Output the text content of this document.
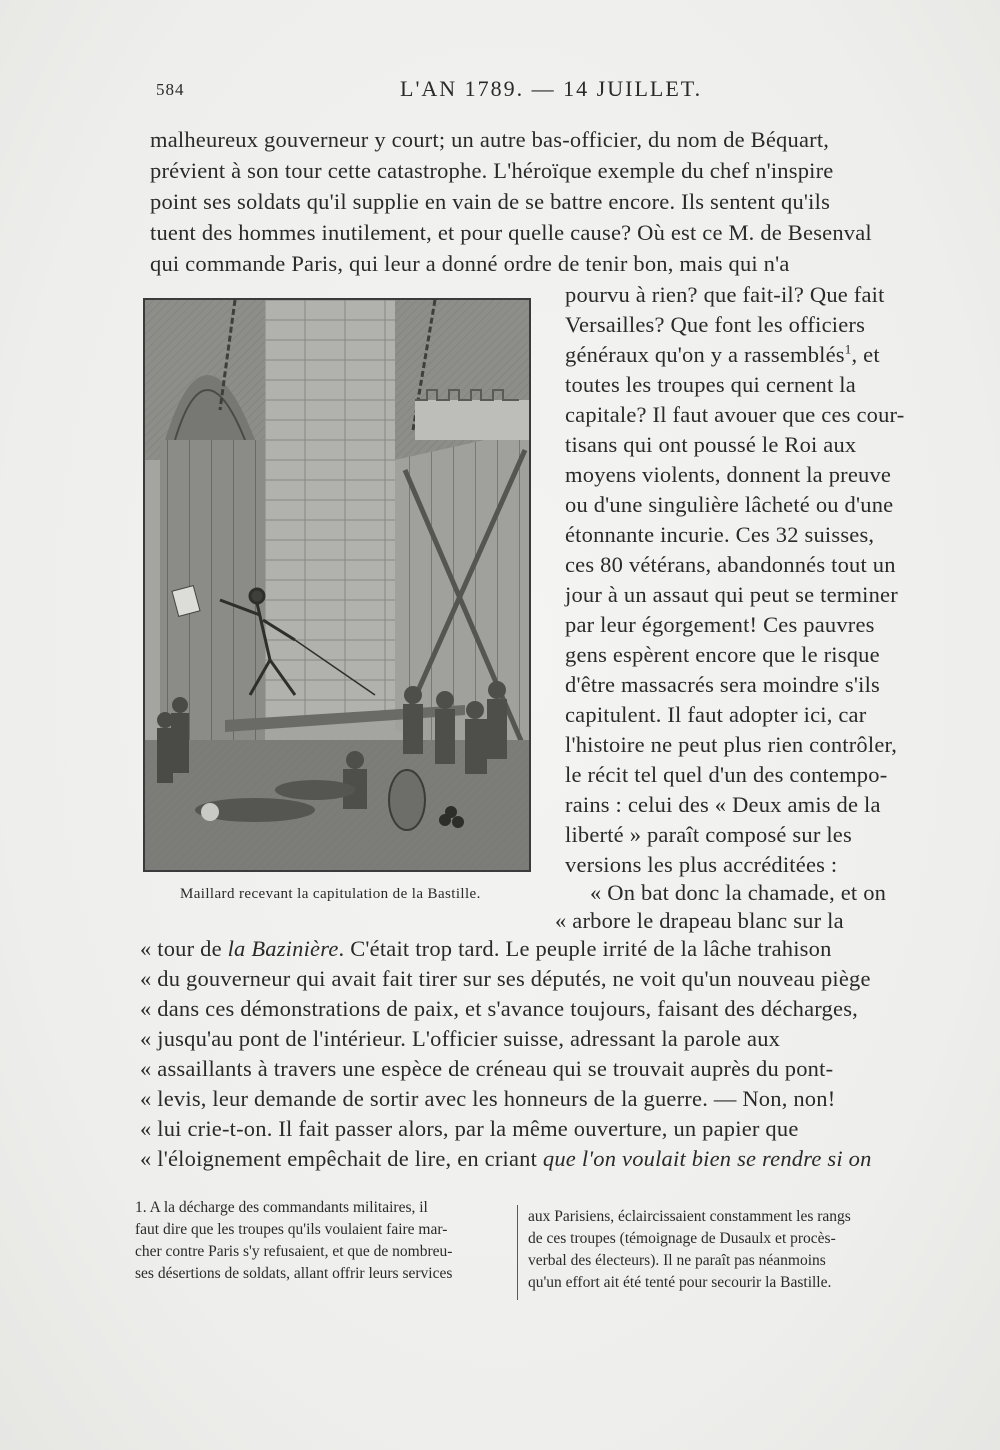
584	L'AN 1789. — 14 JUILLET.
malheureux gouverneur y court; un autre bas-officier, du nom de Béquart,
prévient à son tour cette catastrophe. L'héroïque exemple du chef n'inspire
point ses soldats qu'il supplie en vain de se battre encore. Ils sentent qu'ils
tuent des hommes inutilement, et pour quelle cause? Où est ce M. de Besenval
qui commande Paris, qui leur a donné ordre de tenir bon, mais qui n'a
Maillard recevant la capitulation de la Bastille.
pourvu à rien? que fait-il? Que fait
Versailles? Que font les officiers
généraux qu'on y a rassemblés$^1$, et
toutes les troupes qui cernent la
capitale? Il faut avouer que ces cour-
tisans qui ont poussé le Roi aux
moyens violents, donnent la preuve
ou d'une singulière lâcheté ou d'une
étonnante incurie. Ces 32 suisses,
ces 80 vétérans, abandonnés tout un
jour à un assaut qui peut se terminer
par leur égorgement! Ces pauvres
gens espèrent encore que le risque
d'être massacrés sera moindre s'ils
capitulent. Il faut adopter ici, car
l'histoire ne peut plus rien contrôler,
le récit tel quel d'un des contempo-
rains : celui des « Deux amis de la
liberté » paraît composé sur les
versions les plus accréditées :
« On bat donc la chamade, et on
« arbore le drapeau blanc sur la
« tour de la Bazinière. C'était trop tard. Le peuple irrité de la lâche trahison
« du gouverneur qui avait fait tirer sur ses députés, ne voit qu'un nouveau piège
« dans ces démonstrations de paix, et s'avance toujours, faisant des décharges,
« jusqu'au pont de l'intérieur. L'officier suisse, adressant la parole aux
« assaillants à travers une espèce de créneau qui se trouvait auprès du pont-
« levis, leur demande de sortir avec les honneurs de la guerre. — Non, non!
« lui crie-t-on. Il fait passer alors, par la même ouverture, un papier que
« l'éloignement empêchait de lire, en criant que l'on voulait bien se rendre si on
1. A la décharge des commandants militaires, il
faut dire que les troupes qu'ils voulaient faire mar-
cher contre Paris s'y refusaient, et que de nombreu-
ses désertions de soldats, allant offrir leurs services
aux Parisiens, éclaircissaient constamment les rangs
de ces troupes (témoignage de Dusaulx et procès-
verbal des électeurs). Il ne paraît pas néanmoins
qu'un effort ait été tenté pour secourir la Bastille.
